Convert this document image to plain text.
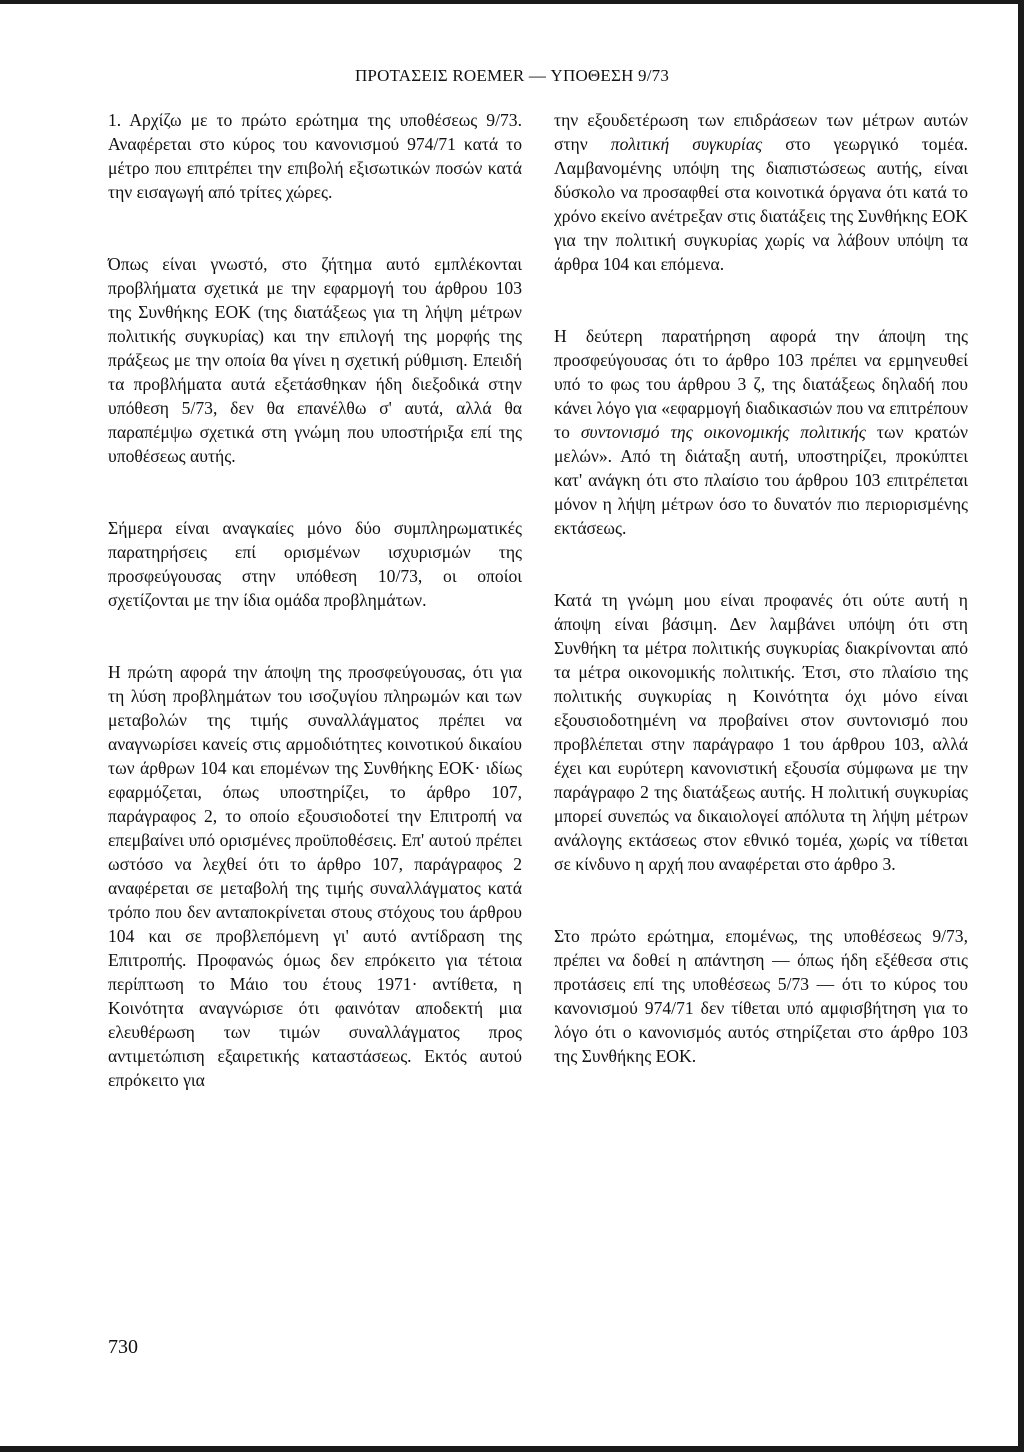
ΠΡΟΤΑΣΕΙΣ ROEMER — ΥΠΟΘΕΣΗ 9/73

1. Αρχίζω με το πρώτο ερώτημα της υποθέσεως 9/73. Αναφέρεται στο κύρος του κανονισμού 974/71 κατά το μέτρο που επιτρέπει την επιβολή εξισωτικών ποσών κατά την εισαγωγή από τρίτες χώρες.

Όπως είναι γνωστό, στο ζήτημα αυτό εμπλέκονται προβλήματα σχετικά με την εφαρμογή του άρθρου 103 της Συνθήκης ΕΟΚ (της διατάξεως για τη λήψη μέτρων πολιτικής συγκυρίας) και την επιλογή της μορφής της πράξεως με την οποία θα γίνει η σχετική ρύθμιση. Επειδή τα προβλήματα αυτά εξετάσθηκαν ήδη διεξοδικά στην υπόθεση 5/73, δεν θα επανέλθω σ' αυτά, αλλά θα παραπέμψω σχετικά στη γνώμη που υποστήριξα επί της υποθέσεως αυτής.

Σήμερα είναι αναγκαίες μόνο δύο συμπληρωματικές παρατηρήσεις επί ορισμένων ισχυρισμών της προσφεύγουσας στην υπόθεση 10/73, οι οποίοι σχετίζονται με την ίδια ομάδα προβλημάτων.

Η πρώτη αφορά την άποψη της προσφεύγουσας, ότι για τη λύση προβλημάτων του ισοζυγίου πληρωμών και των μεταβολών της τιμής συναλλάγματος πρέπει να αναγνωρίσει κανείς στις αρμοδιότητες κοινοτικού δικαίου των άρθρων 104 και επομένων της Συνθήκης ΕΟΚ· ιδίως εφαρμόζεται, όπως υποστηρίζει, το άρθρο 107, παράγραφος 2, το οποίο εξουσιοδοτεί την Επιτροπή να επεμβαίνει υπό ορισμένες προϋποθέσεις. Επ' αυτού πρέπει ωστόσο να λεχθεί ότι το άρθρο 107, παράγραφος 2 αναφέρεται σε μεταβολή της τιμής συναλλάγματος κατά τρόπο που δεν ανταποκρίνεται στους στόχους του άρθρου 104 και σε προβλεπόμενη γι' αυτό αντίδραση της Επιτροπής. Προφανώς όμως δεν επρόκειτο για τέτοια περίπτωση το Μάιο του έτους 1971· αντίθετα, η Κοινότητα αναγνώρισε ότι φαινόταν αποδεκτή μια ελευθέρωση των τιμών συναλλάγματος προς αντιμετώπιση εξαιρετικής καταστάσεως. Εκτός αυτού επρόκειτο για

την εξουδετέρωση των επιδράσεων των μέτρων αυτών στην πολιτική συγκυρίας στο γεωργικό τομέα. Λαμβανομένης υπόψη της διαπιστώσεως αυτής, είναι δύσκολο να προσαφθεί στα κοινοτικά όργανα ότι κατά το χρόνο εκείνο ανέτρεξαν στις διατάξεις της Συνθήκης ΕΟΚ για την πολιτική συγκυρίας χωρίς να λάβουν υπόψη τα άρθρα 104 και επόμενα.

Η δεύτερη παρατήρηση αφορά την άποψη της προσφεύγουσας ότι το άρθρο 103 πρέπει να ερμηνευθεί υπό το φως του άρθρου 3 ζ, της διατάξεως δηλαδή που κάνει λόγο για «εφαρμογή διαδικασιών που να επιτρέπουν το συντονισμό της οικονομικής πολιτικής των κρατών μελών». Από τη διάταξη αυτή, υποστηρίζει, προκύπτει κατ' ανάγκη ότι στο πλαίσιο του άρθρου 103 επιτρέπεται μόνον η λήψη μέτρων όσο το δυνατόν πιο περιορισμένης εκτάσεως.

Κατά τη γνώμη μου είναι προφανές ότι ούτε αυτή η άποψη είναι βάσιμη. Δεν λαμβάνει υπόψη ότι στη Συνθήκη τα μέτρα πολιτικής συγκυρίας διακρίνονται από τα μέτρα οικονομικής πολιτικής. Έτσι, στο πλαίσιο της πολιτικής συγκυρίας η Κοινότητα όχι μόνο είναι εξουσιοδοτημένη να προβαίνει στον συντονισμό που προβλέπεται στην παράγραφο 1 του άρθρου 103, αλλά έχει και ευρύτερη κανονιστική εξουσία σύμφωνα με την παράγραφο 2 της διατάξεως αυτής. Η πολιτική συγκυρίας μπορεί συνεπώς να δικαιολογεί απόλυτα τη λήψη μέτρων ανάλογης εκτάσεως στον εθνικό τομέα, χωρίς να τίθεται σε κίνδυνο η αρχή που αναφέρεται στο άρθρο 3.

Στο πρώτο ερώτημα, επομένως, της υποθέσεως 9/73, πρέπει να δοθεί η απάντηση — όπως ήδη εξέθεσα στις προτάσεις επί της υποθέσεως 5/73 — ότι το κύρος του κανονισμού 974/71 δεν τίθεται υπό αμφισβήτηση για το λόγο ότι ο κανονισμός αυτός στηρίζεται στο άρθρο 103 της Συνθήκης ΕΟΚ.

730
